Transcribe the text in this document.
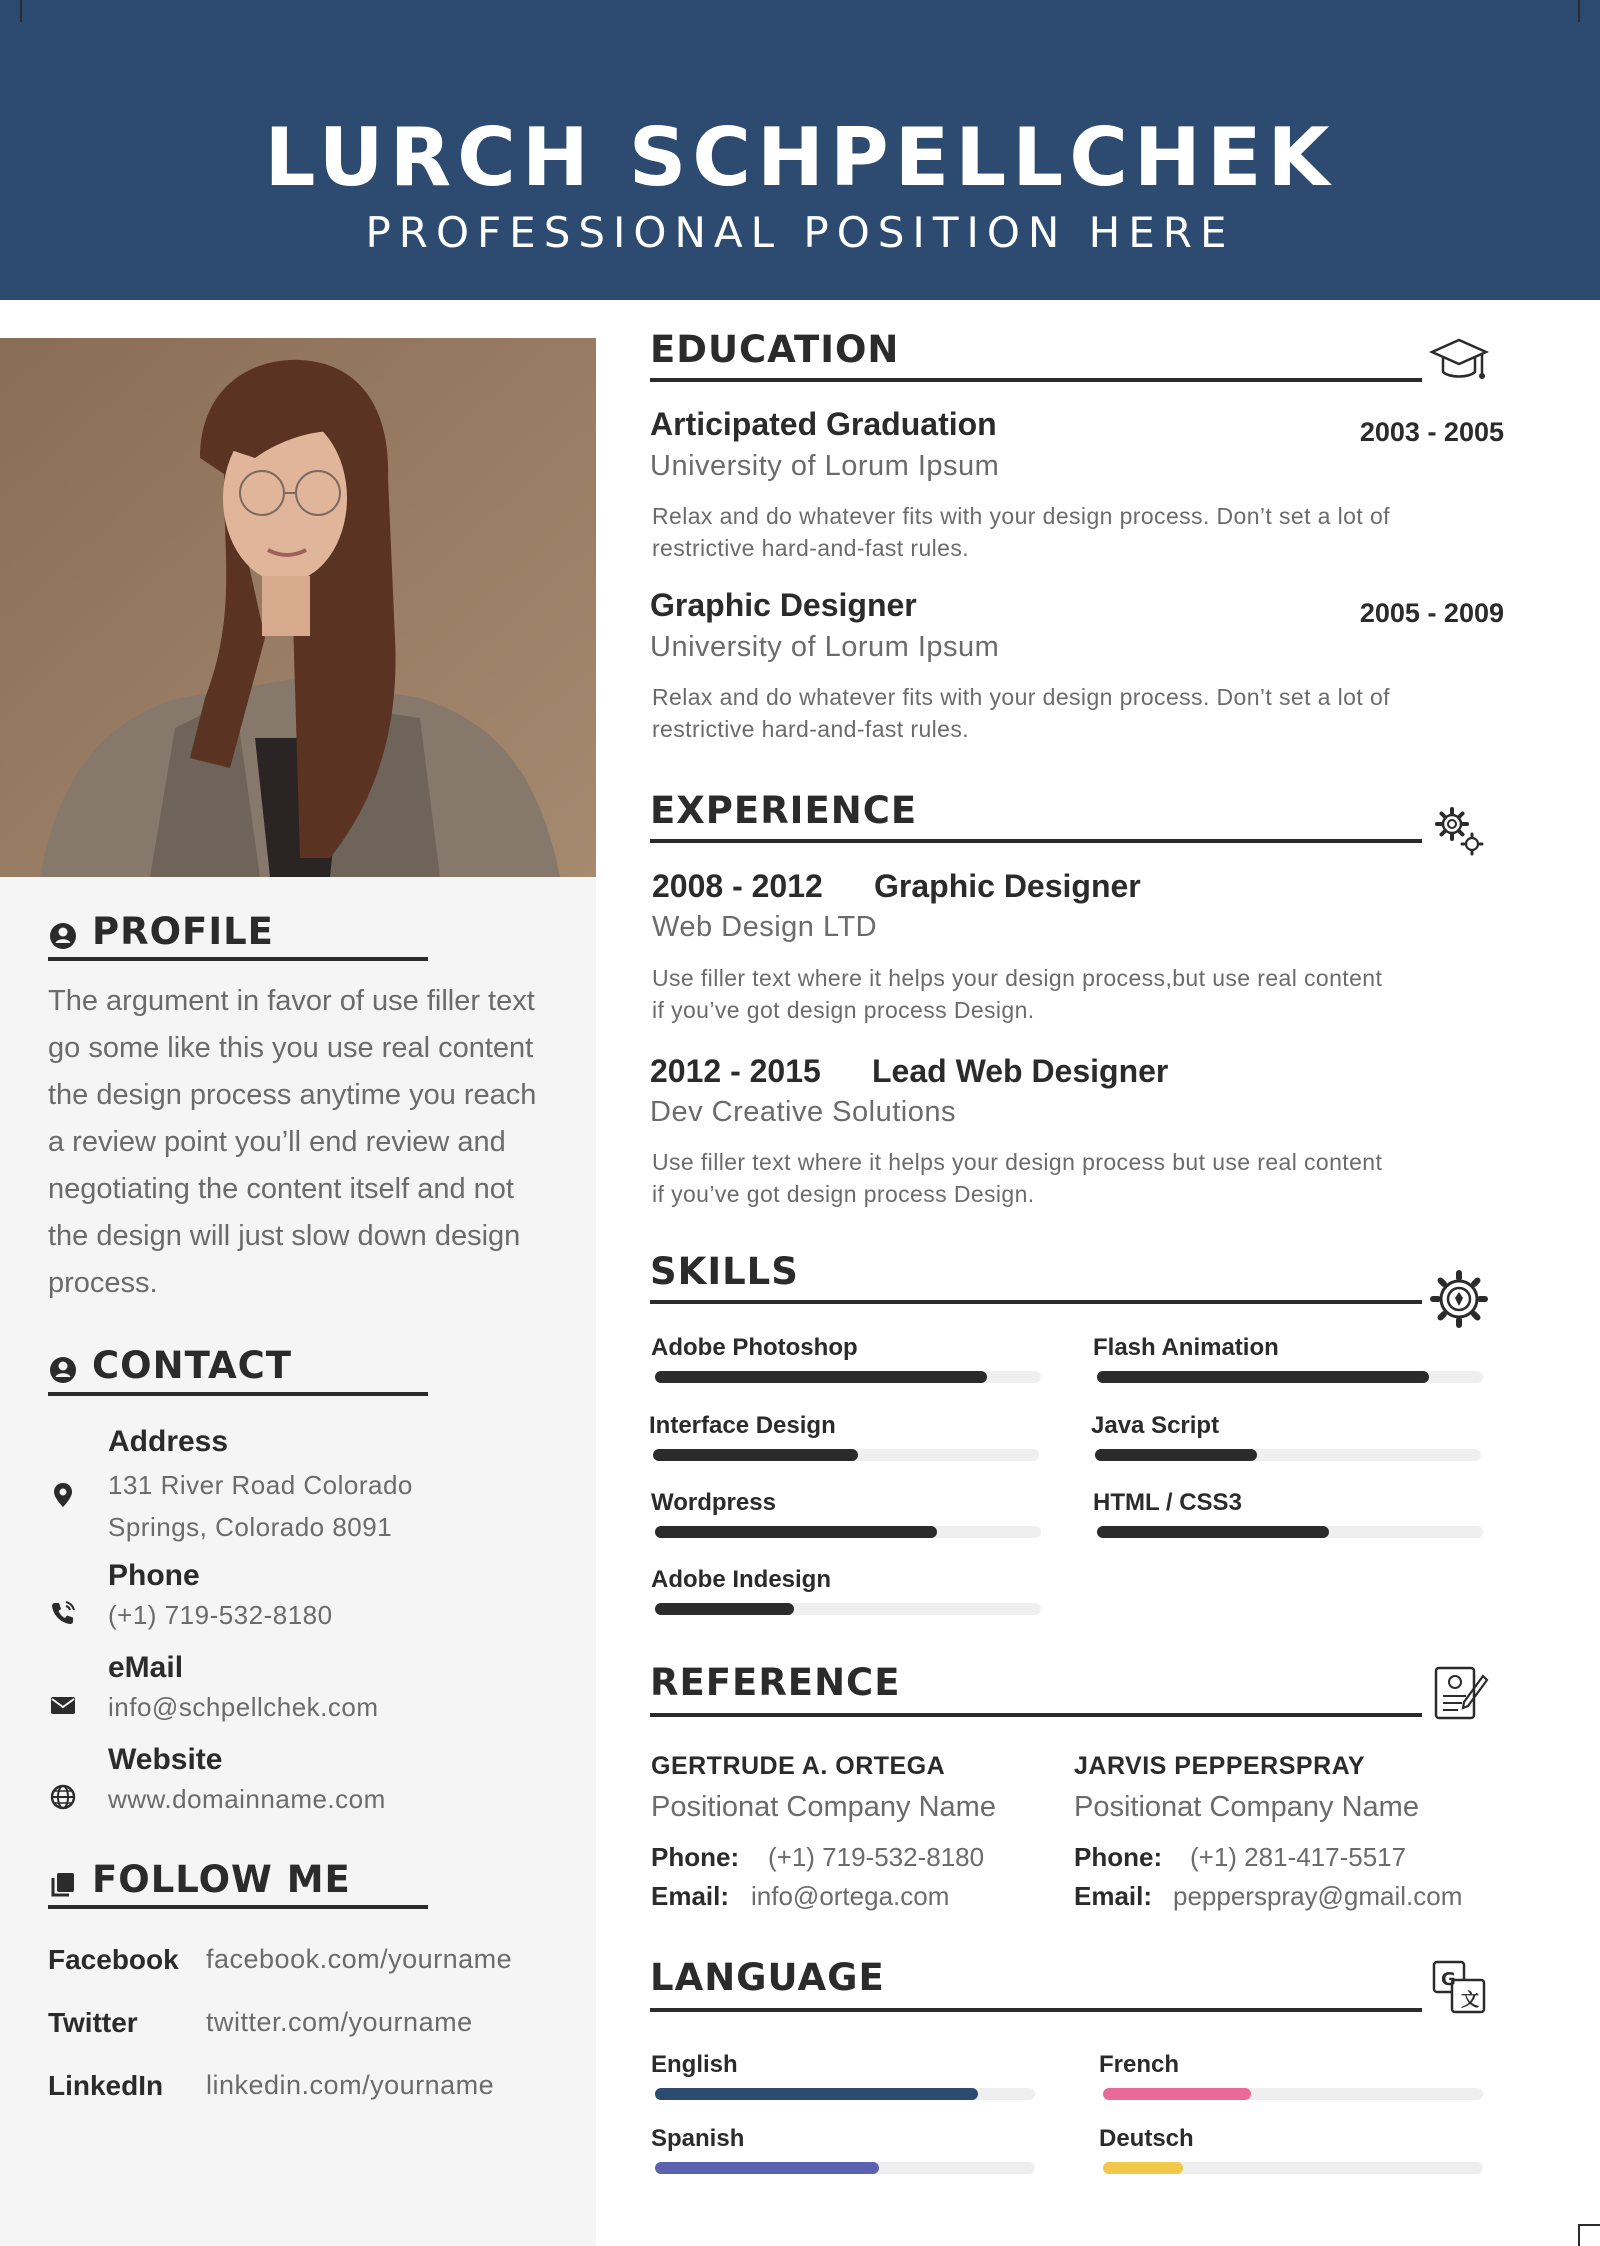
LURCH SCHPELLCHEK
PROFESSIONAL POSITION HERE
PROFILE
The argument in favor of use filler text go some like this you use real content the design process anytime you reach a review point you’ll end review and negotiating the content itself and not the design will just slow down design process.
CONTACT
Address
131 River Road Colorado
Springs, Colorado 8091
Phone
(+1) 719-532-8180
eMail
info@schpellchek.com
Website
www.domainname.com
FOLLOW ME
Facebook facebook.com/yourname
Twitter	twitter.com/yourname
LinkedIn linkedin.com/yourname
EDUCATION
Articipated Graduation	2003 - 2005
University of Lorum Ipsum
Relax and do whatever fits with your design process. Don’t set a lot of
restrictive hard-and-fast rules.
Graphic Designer	2005 - 2009
University of Lorum Ipsum
Relax and do whatever fits with your design process. Don’t set a lot of
restrictive hard-and-fast rules.
EXPERIENCE
2008 - 2012 Graphic Designer
Web Design LTD
Use filler text where it helps your design process,but use real content
if you’ve got design process Design.
2012 - 2015 Lead Web Designer
Dev Creative Solutions
Use filler text where it helps your design process but use real content
if you’ve got design process Design.
SKILLS
Adobe Photoshop	Flash Animation
Interface Design	Java Script
Wordpress	HTML / CSS3
Adobe Indesign
REFERENCE
GERTRUDE A. ORTEGA
Positionat Company Name
Phone: (+1) 719-532-8180
Email: info@ortega.com
JARVIS PEPPERSPRAY
Positionat Company Name
Phone: (+1) 281-417-5517
Email: pepperspray@gmail.com
LANGUAGE	G
文
English	French
Spanish	Deutsch
